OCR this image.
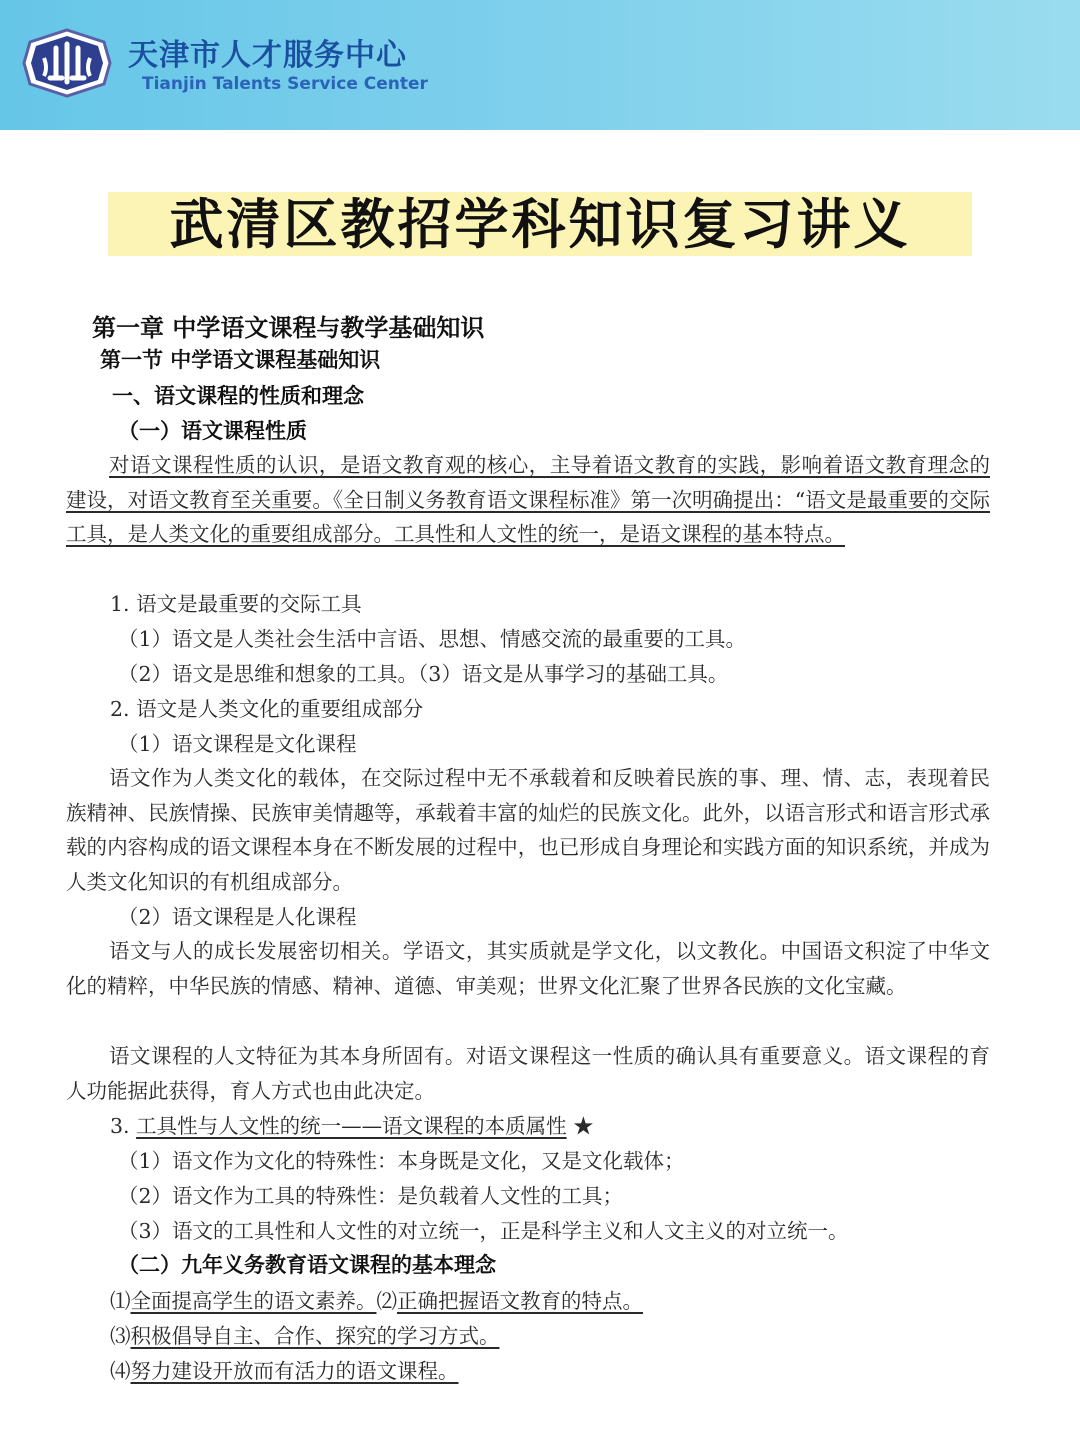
天津市人才服务中心
Tianjin Talents Service Center
武清区教招学科知识复习讲义
第一章 中学语文课程与教学基础知识
第一节 中学语文课程基础知识
一、语文课程的性质和理念
（一）语文课程性质
对语文课程性质的认识，是语文教育观的核心，主导着语文教育的实践，影响着语文教育理念的建设，对语文教育至关重要。《全日制义务教育语文课程标准》第一次明确提出：“语文是最重要的交际工具，是人类文化的重要组成部分。工具性和人文性的统一，是语文课程的基本特点。
1. 语文是最重要的交际工具
（1）语文是人类社会生活中言语、思想、情感交流的最重要的工具。
（2）语文是思维和想象的工具。（3）语文是从事学习的基础工具。
2. 语文是人类文化的重要组成部分
（1）语文课程是文化课程
语文作为人类文化的载体，在交际过程中无不承载着和反映着民族的事、理、情、志，表现着民族精神、民族情操、民族审美情趣等，承载着丰富的灿烂的民族文化。此外，以语言形式和语言形式承载的内容构成的语文课程本身在不断发展的过程中，也已形成自身理论和实践方面的知识系统，并成为人类文化知识的有机组成部分。
（2）语文课程是人化课程
语文与人的成长发展密切相关。学语文，其实质就是学文化，以文教化。中国语文积淀了中华文化的精粹，中华民族的情感、精神、道德、审美观；世界文化汇聚了世界各民族的文化宝藏。
语文课程的人文特征为其本身所固有。对语文课程这一性质的确认具有重要意义。语文课程的育人功能据此获得，育人方式也由此决定。
3. 工具性与人文性的统一——语文课程的本质属性 ★
（1）语文作为文化的特殊性：本身既是文化，又是文化载体；
（2）语文作为工具的特殊性：是负载着人文性的工具；
（3）语文的工具性和人文性的对立统一，正是科学主义和人文主义的对立统一。
（二）九年义务教育语文课程的基本理念
⑴全面提高学生的语文素养。⑵正确把握语文教育的特点。
⑶积极倡导自主、合作、探究的学习方式。
⑷努力建设开放而有活力的语文课程。
